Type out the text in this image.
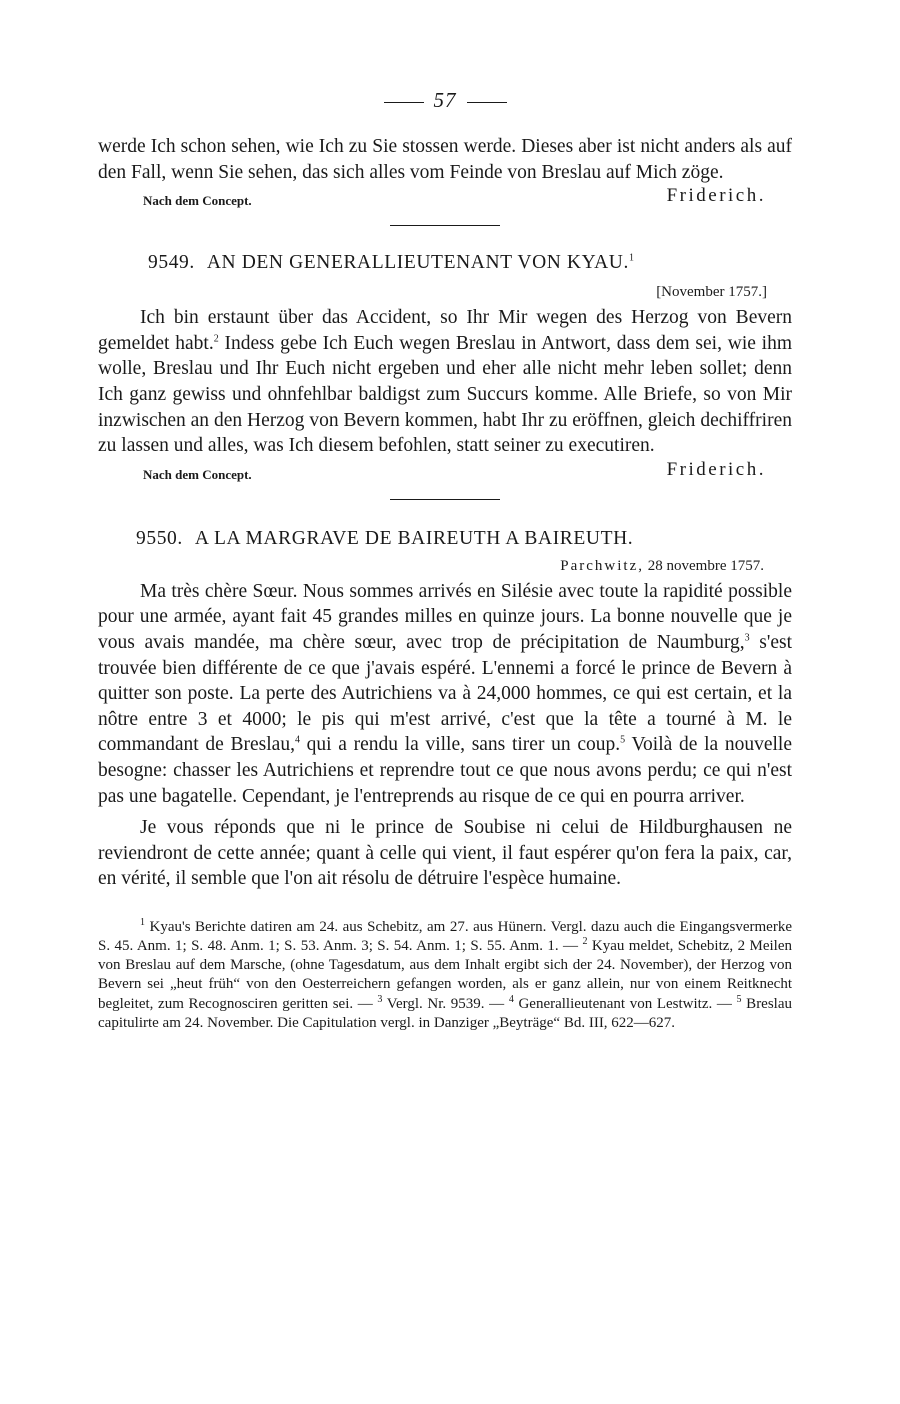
57

werde Ich schon sehen, wie Ich zu Sie stossen werde. Dieses aber ist nicht anders als auf den Fall, wenn Sie sehen, das sich alles vom Feinde von Breslau auf Mich zöge.

Nach dem Concept.	Friderich.

9549. AN DEN GENERALLIEUTENANT VON KYAU.$^1$

[November 1757.]

Ich bin erstaunt über das Accident, so Ihr Mir wegen des Herzog von Bevern gemeldet habt.$^2$ Indess gebe Ich Euch wegen Breslau in Antwort, dass dem sei, wie ihm wolle, Breslau und Ihr Euch nicht ergeben und eher alle nicht mehr leben sollet; denn Ich ganz gewiss und ohnfehlbar baldigst zum Succurs komme. Alle Briefe, so von Mir inzwischen an den Herzog von Bevern kommen, habt Ihr zu eröffnen, gleich dechiffriren zu lassen und alles, was Ich diesem befohlen, statt seiner zu executiren.

Nach dem Concept.	Friderich.

9550. A LA MARGRAVE DE BAIREUTH A BAIREUTH.

Parchwitz, 28 novembre 1757.

Ma très chère Sœur. Nous sommes arrivés en Silésie avec toute la rapidité possible pour une armée, ayant fait 45 grandes milles en quinze jours. La bonne nouvelle que je vous avais mandée, ma chère sœur, avec trop de précipitation de Naumburg,$^3$ s'est trouvée bien différente de ce que j'avais espéré. L'ennemi a forcé le prince de Bevern à quitter son poste. La perte des Autrichiens va à 24,000 hommes, ce qui est certain, et la nôtre entre 3 et 4000; le pis qui m'est arrivé, c'est que la tête a tourné à M. le commandant de Breslau,$^4$ qui a rendu la ville, sans tirer un coup.$^5$ Voilà de la nouvelle besogne: chasser les Autrichiens et reprendre tout ce que nous avons perdu; ce qui n'est pas une bagatelle. Cependant, je l'entreprends au risque de ce qui en pourra arriver.

Je vous réponds que ni le prince de Soubise ni celui de Hildburghausen ne reviendront de cette année; quant à celle qui vient, il faut espérer qu'on fera la paix, car, en vérité, il semble que l'on ait résolu de détruire l'espèce humaine.

$^1$ Kyau's Berichte datiren am 24. aus Schebitz, am 27. aus Hünern. Vergl. dazu auch die Eingangsvermerke S. 45. Anm. 1; S. 48. Anm. 1; S. 53. Anm. 3; S. 54. Anm. 1; S. 55. Anm. 1. — $^2$ Kyau meldet, Schebitz, 2 Meilen von Breslau auf dem Marsche, (ohne Tagesdatum, aus dem Inhalt ergibt sich der 24. November), der Herzog von Bevern sei „heut früh“ von den Oesterreichern gefangen worden, als er ganz allein, nur von einem Reitknecht begleitet, zum Recognosciren geritten sei. — $^3$ Vergl. Nr. 9539. — $^4$ Generallieutenant von Lestwitz. — $^5$ Breslau capitulirte am 24. November. Die Capitulation vergl. in Danziger „Beyträge“ Bd. III, 622—627.
